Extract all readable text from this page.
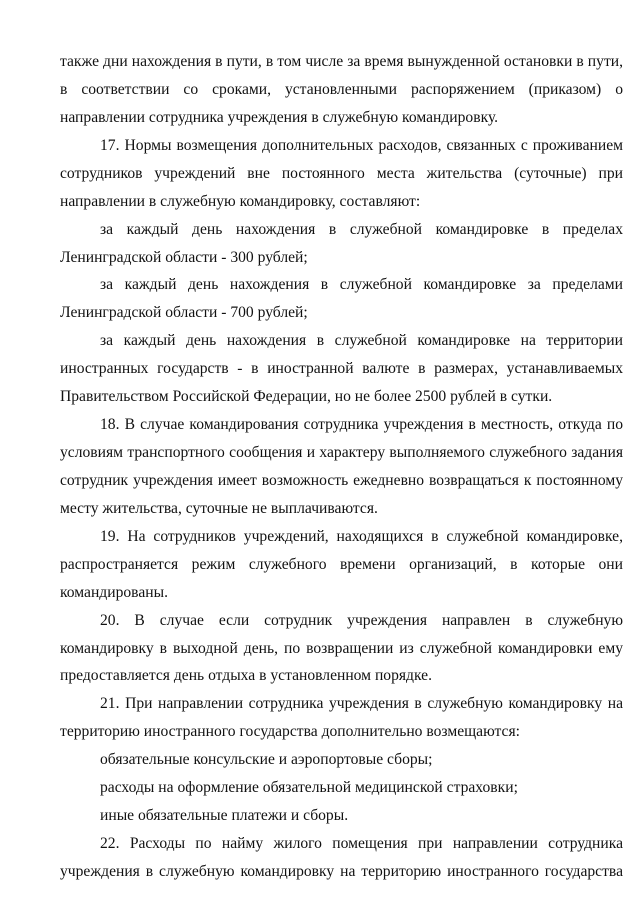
также дни нахождения в пути, в том числе за время вынужденной остановки в пути,
в соответствии со сроками, установленными распоряжением (приказом) о
направлении сотрудника учреждения в служебную командировку.
17. Нормы возмещения дополнительных расходов, связанных с проживанием
сотрудников учреждений вне постоянного места жительства (суточные) при
направлении в служебную командировку, составляют:
за каждый день нахождения в служебной командировке в пределах
Ленинградской области - 300 рублей;
за каждый день нахождения в служебной командировке за пределами
Ленинградской области - 700 рублей;
за каждый день нахождения в служебной командировке на территории
иностранных государств - в иностранной валюте в размерах, устанавливаемых
Правительством Российской Федерации, но не более 2500 рублей в сутки.
18. В случае командирования сотрудника учреждения в местность, откуда по
условиям транспортного сообщения и характеру выполняемого служебного задания
сотрудник учреждения имеет возможность ежедневно возвращаться к постоянному
месту жительства, суточные не выплачиваются.
19. На сотрудников учреждений, находящихся в служебной командировке,
распространяется режим служебного времени организаций, в которые они
командированы.
20. В случае если сотрудник учреждения направлен в служебную
командировку в выходной день, по возвращении из служебной командировки ему
предоставляется день отдыха в установленном порядке.
21. При направлении сотрудника учреждения в служебную командировку на
территорию иностранного государства дополнительно возмещаются:
обязательные консульские и аэропортовые сборы;
расходы на оформление обязательной медицинской страховки;
иные обязательные платежи и сборы.
22. Расходы по найму жилого помещения при направлении сотрудника
учреждения в служебную командировку на территорию иностранного государства
